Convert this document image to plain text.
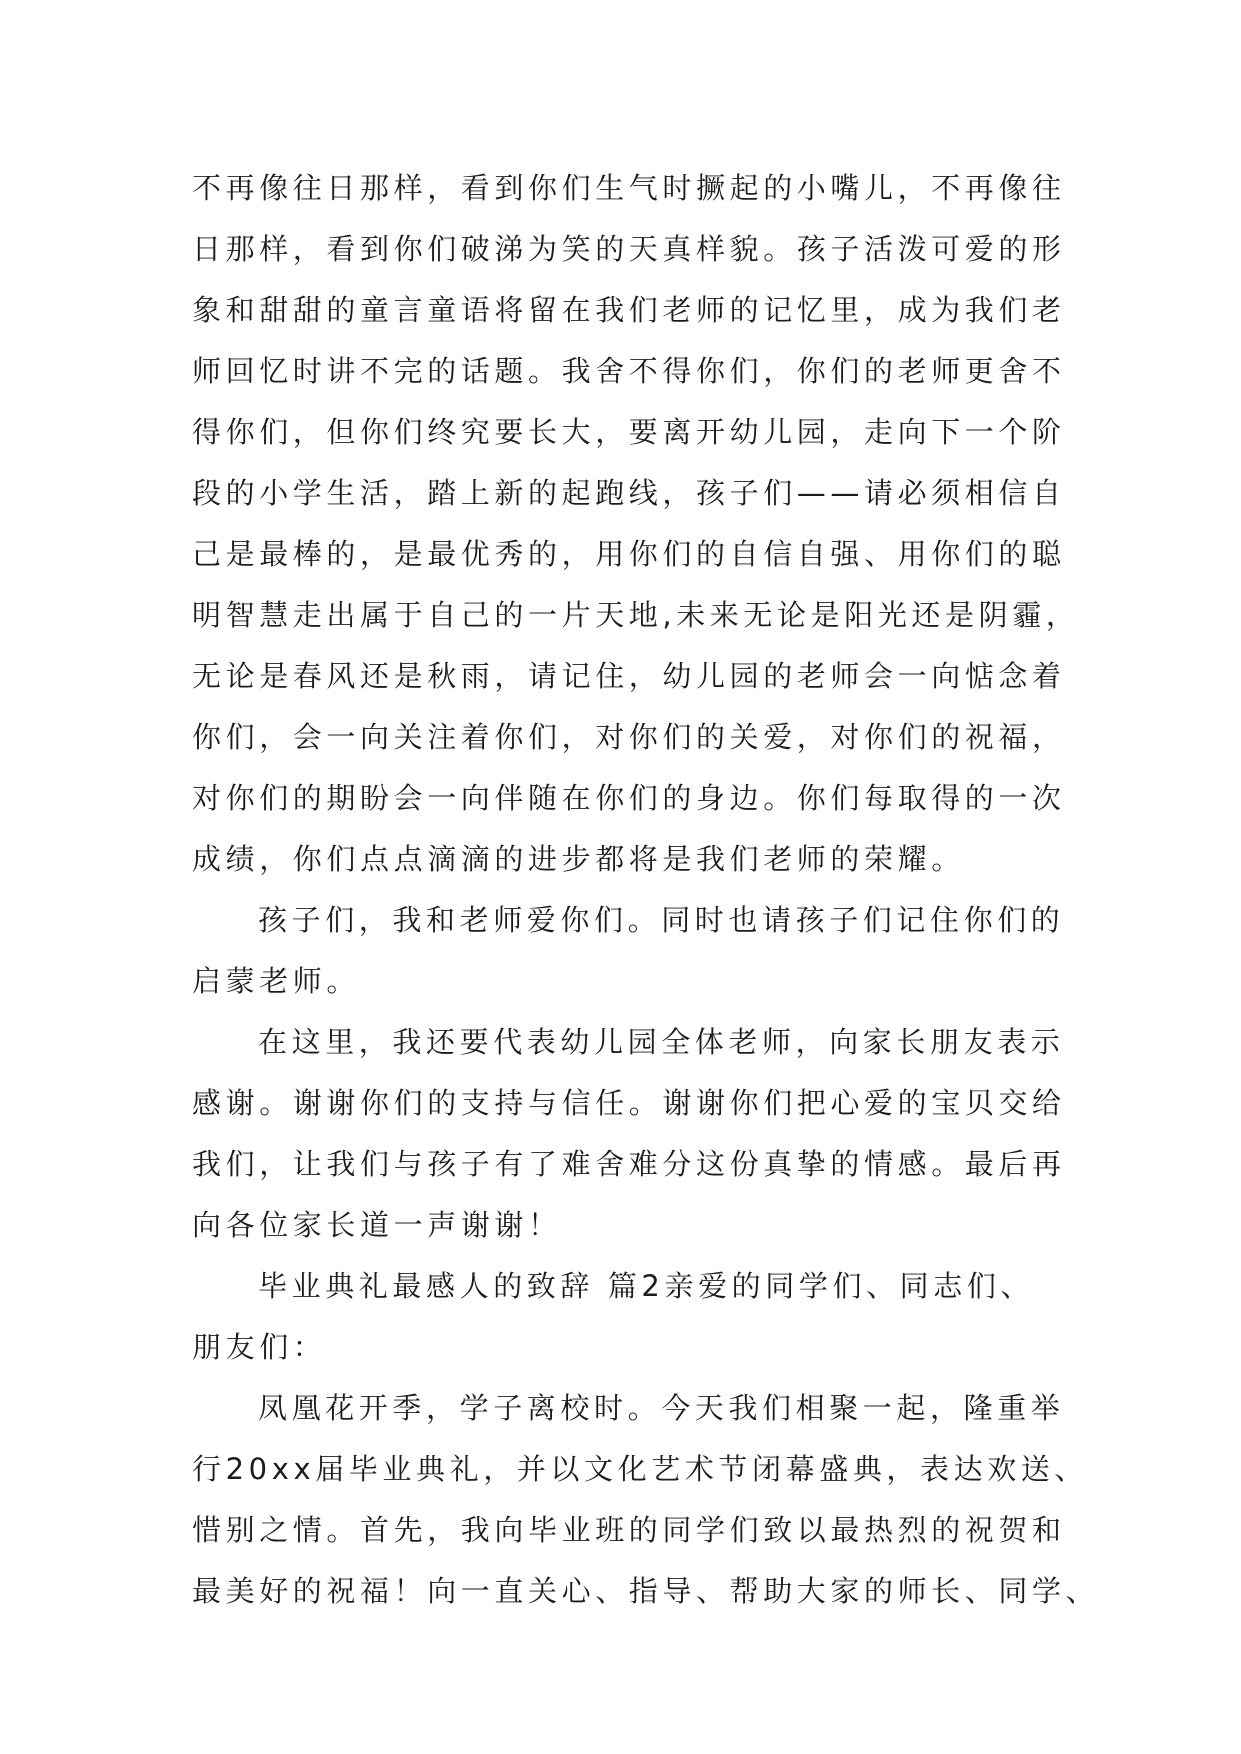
不再像往日那样，看到你们生气时撅起的小嘴儿，不再像往
日那样，看到你们破涕为笑的天真样貌。孩子活泼可爱的形
象和甜甜的童言童语将留在我们老师的记忆里，成为我们老
师回忆时讲不完的话题。我舍不得你们，你们的老师更舍不
得你们，但你们终究要长大，要离开幼儿园，走向下一个阶
段的小学生活，踏上新的起跑线，孩子们——请必须相信自
己是最棒的，是最优秀的，用你们的自信自强、用你们的聪
明智慧走出属于自己的一片天地,未来无论是阳光还是阴霾，
无论是春风还是秋雨，请记住，幼儿园的老师会一向惦念着
你们，会一向关注着你们，对你们的关爱，对你们的祝福，
对你们的期盼会一向伴随在你们的身边。你们每取得的一次
成绩，你们点点滴滴的进步都将是我们老师的荣耀。
孩子们，我和老师爱你们。同时也请孩子们记住你们的
启蒙老师。
在这里，我还要代表幼儿园全体老师，向家长朋友表示
感谢。谢谢你们的支持与信任。谢谢你们把心爱的宝贝交给
我们，让我们与孩子有了难舍难分这份真挚的情感。最后再
向各位家长道一声谢谢！
毕业典礼最感人的致辞 篇2亲爱的同学们、同志们、
朋友们：
凤凰花开季，学子离校时。今天我们相聚一起，隆重举
行20xx届毕业典礼，并以文化艺术节闭幕盛典，表达欢送、
惜别之情。首先，我向毕业班的同学们致以最热烈的祝贺和
最美好的祝福！向一直关心、指导、帮助大家的师长、同学、
